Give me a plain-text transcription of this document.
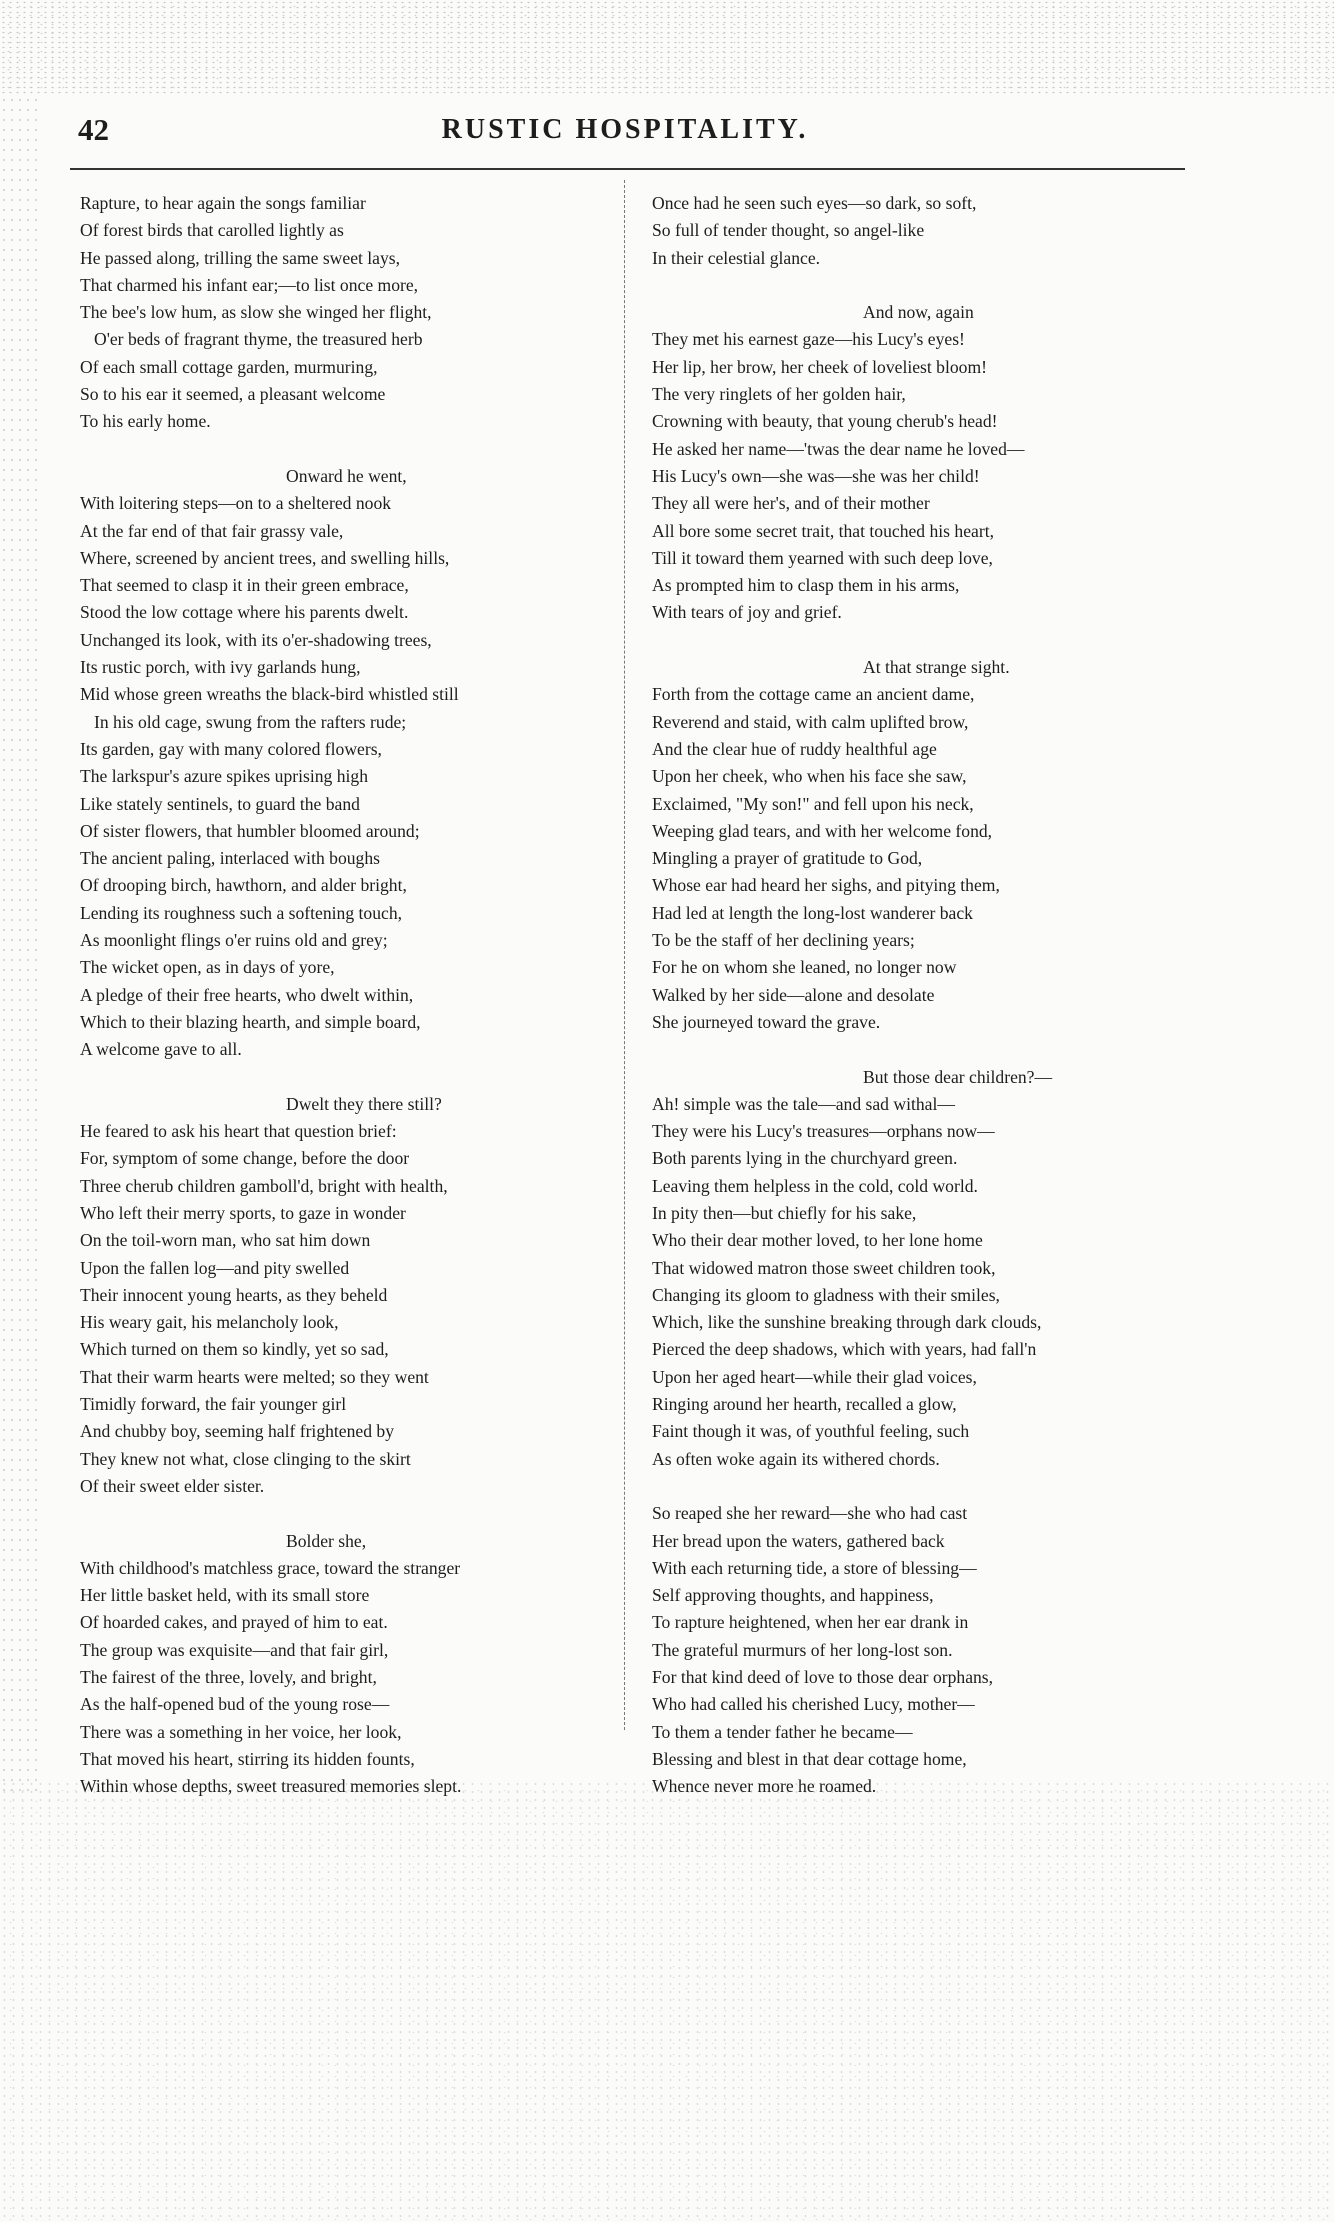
42	RUSTIC HOSPITALITY.
Rapture, to hear again the songs familiar
Of forest birds that carolled lightly as
He passed along, trilling the same sweet lays,
That charmed his infant ear;—to list once more,
The bee's low hum, as slow she winged her flight,
O'er beds of fragrant thyme, the treasured herb
Of each small cottage garden, murmuring,
So to his ear it seemed, a pleasant welcome
To his early home.
Onward he went,
With loitering steps—on to a sheltered nook
At the far end of that fair grassy vale,
Where, screened by ancient trees, and swelling hills,
That seemed to clasp it in their green embrace,
Stood the low cottage where his parents dwelt.
Unchanged its look, with its o'er-shadowing trees,
Its rustic porch, with ivy garlands hung,
Mid whose green wreaths the black-bird whistled still
In his old cage, swung from the rafters rude;
Its garden, gay with many colored flowers,
The larkspur's azure spikes uprising high
Like stately sentinels, to guard the band
Of sister flowers, that humbler bloomed around;
The ancient paling, interlaced with boughs
Of drooping birch, hawthorn, and alder bright,
Lending its roughness such a softening touch,
As moonlight flings o'er ruins old and grey;
The wicket open, as in days of yore,
A pledge of their free hearts, who dwelt within,
Which to their blazing hearth, and simple board,
A welcome gave to all.
Dwelt they there still?
He feared to ask his heart that question brief:
For, symptom of some change, before the door
Three cherub children gamboll'd, bright with health,
Who left their merry sports, to gaze in wonder
On the toil-worn man, who sat him down
Upon the fallen log—and pity swelled
Their innocent young hearts, as they beheld
His weary gait, his melancholy look,
Which turned on them so kindly, yet so sad,
That their warm hearts were melted; so they went
Timidly forward, the fair younger girl
And chubby boy, seeming half frightened by
They knew not what, close clinging to the skirt
Of their sweet elder sister.
Bolder she,
With childhood's matchless grace, toward the stranger
Her little basket held, with its small store
Of hoarded cakes, and prayed of him to eat.
The group was exquisite—and that fair girl,
The fairest of the three, lovely, and bright,
As the half-opened bud of the young rose—
There was a something in her voice, her look,
That moved his heart, stirring its hidden founts,
Within whose depths, sweet treasured memories slept.
Once had he seen such eyes—so dark, so soft,
So full of tender thought, so angel-like
In their celestial glance.
And now, again
They met his earnest gaze—his Lucy's eyes!
Her lip, her brow, her cheek of loveliest bloom!
The very ringlets of her golden hair,
Crowning with beauty, that young cherub's head!
He asked her name—'twas the dear name he loved—
His Lucy's own—she was—she was her child!
They all were her's, and of their mother
All bore some secret trait, that touched his heart,
Till it toward them yearned with such deep love,
As prompted him to clasp them in his arms,
With tears of joy and grief.
At that strange sight.
Forth from the cottage came an ancient dame,
Reverend and staid, with calm uplifted brow,
And the clear hue of ruddy healthful age
Upon her cheek, who when his face she saw,
Exclaimed, "My son!" and fell upon his neck,
Weeping glad tears, and with her welcome fond,
Mingling a prayer of gratitude to God,
Whose ear had heard her sighs, and pitying them,
Had led at length the long-lost wanderer back
To be the staff of her declining years;
For he on whom she leaned, no longer now
Walked by her side—alone and desolate
She journeyed toward the grave.
But those dear children?—
Ah! simple was the tale—and sad withal—
They were his Lucy's treasures—orphans now—
Both parents lying in the churchyard green.
Leaving them helpless in the cold, cold world.
In pity then—but chiefly for his sake,
Who their dear mother loved, to her lone home
That widowed matron those sweet children took,
Changing its gloom to gladness with their smiles,
Which, like the sunshine breaking through dark clouds,
Pierced the deep shadows, which with years, had fall'n
Upon her aged heart—while their glad voices,
Ringing around her hearth, recalled a glow,
Faint though it was, of youthful feeling, such
As often woke again its withered chords.
So reaped she her reward—she who had cast
Her bread upon the waters, gathered back
With each returning tide, a store of blessing—
Self approving thoughts, and happiness,
To rapture heightened, when her ear drank in
The grateful murmurs of her long-lost son.
For that kind deed of love to those dear orphans,
Who had called his cherished Lucy, mother—
To them a tender father he became—
Blessing and blest in that dear cottage home,
Whence never more he roamed.
